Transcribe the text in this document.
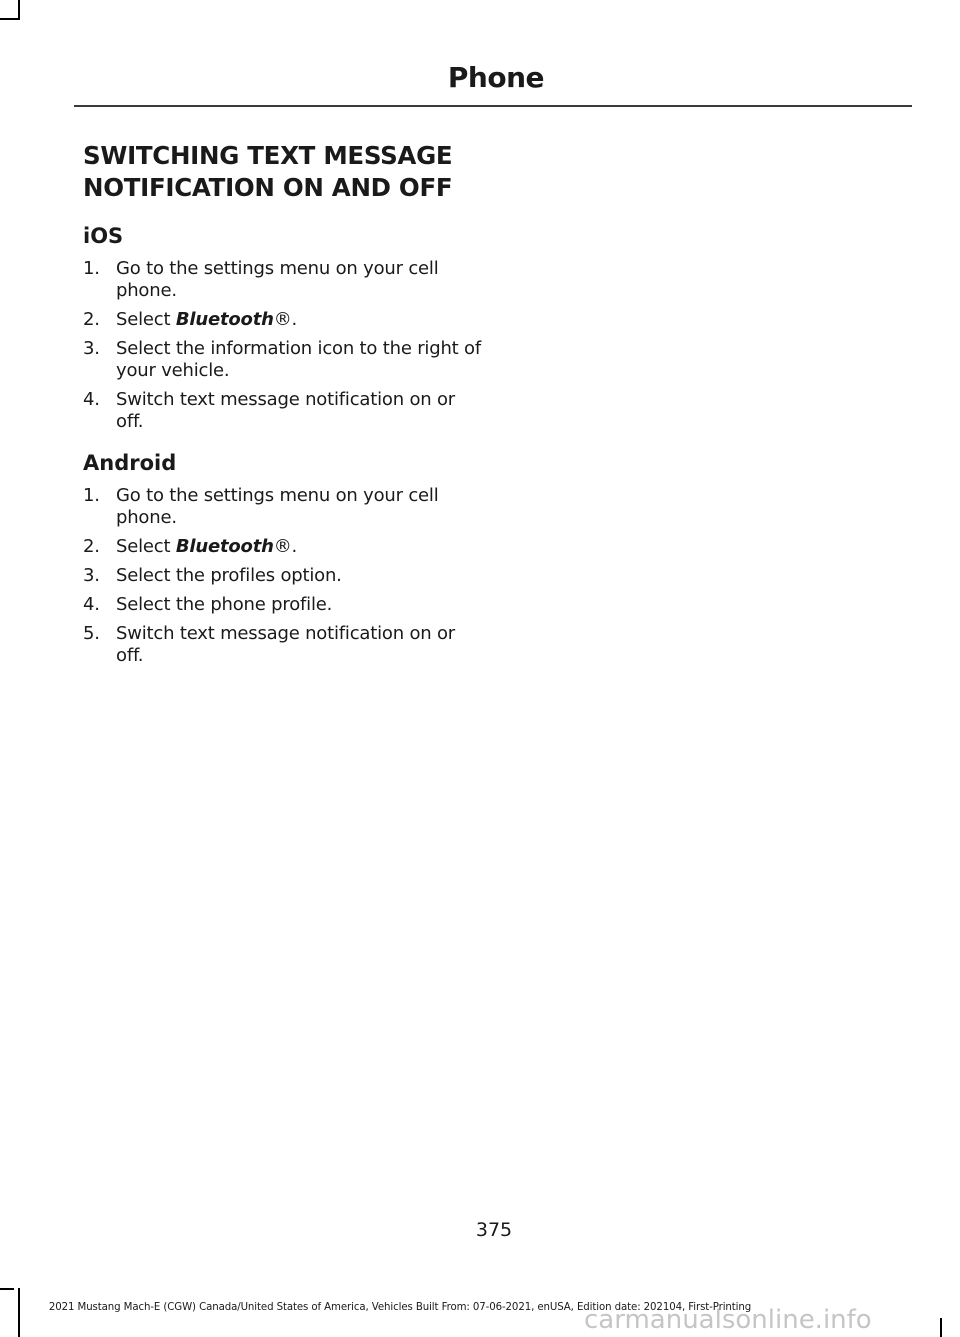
Phone
SWITCHING TEXT MESSAGE NOTIFICATION ON AND OFF
iOS
1. Go to the settings menu on your cell phone.
2. Select Bluetooth®.
3. Select the information icon to the right of your vehicle.
4. Switch text message notification on or off.
Android
1. Go to the settings menu on your cell phone.
2. Select Bluetooth®.
3. Select the profiles option.
4. Select the phone profile.
5. Switch text message notification on or off.
375
2021 Mustang Mach-E (CGW) Canada/United States of America, Vehicles Built From: 07-06-2021, enUSA, Edition date: 202104, First-Printing
carmanualsonline.info
